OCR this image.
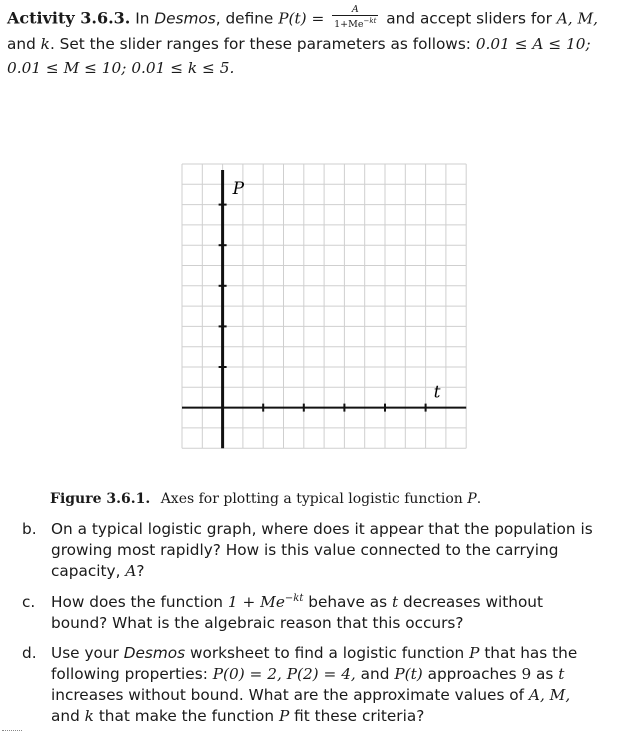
Activity 3.6.3. In Desmos, define $P(t) = \frac{A}{1+Me^{-kt}}$ and accept sliders for A, M, and k. Set the slider ranges for these parameters as follows: 0.01 ≤ A ≤ 10; 0.01 ≤ M ≤ 10; 0.01 ≤ k ≤ 5.
P
t
Figure 3.6.1. Axes for plotting a typical logistic function P.
b. On a typical logistic graph, where does it appear that the population is growing most rapidly? How is this value connected to the carrying capacity, A?
c.	How does the function $1 + Me^{-kt}$ behave as t decreases without bound? What is the algebraic reason that this occurs?
d. Use your Desmos worksheet to find a logistic function P that has the following properties: P(0) = 2, P(2) = 4, and P(t) approaches 9 as t increases without bound. What are the approximate values of A, M, and k that make the function P fit these criteria?
